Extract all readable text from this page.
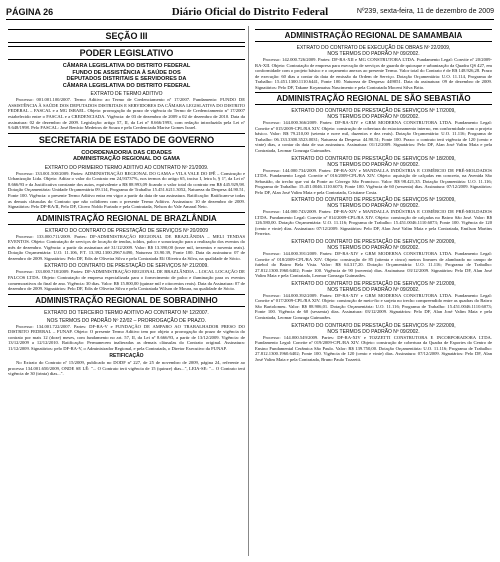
PÁGINA 26	Diário Oficial do Distrito Federal	Nº239, sexta-feira, 11 de dezembro de 2009
SEÇÃO III
PODER LEGISLATIVO
CÂMARA LEGISLATIVA DO DISTRITO FEDERAL
FUNDO DE ASSISTÊNCIA À SAÚDE DOS
DEPUTADOS DISTRITAIS E SERVIDORES DA
CÂMARA LEGISLATIVA DO DISTRITO FEDERAL
EXTRATO DE TERMO ADITIVO
Processo: 001.001.100/2007. Termo Aditivo ao Termo de Credenciamento nº 17/2007. Fundamento: FUNDO DE ASSISTÊNCIA À SAÚDE DOS DEPUTADOS DISTRITAIS E SERVIDORES DA CÂMARA LEGISLATIVA DO DISTRITO FEDERAL – FASCAL e a MG ISRAEL. Objeto: prorrogação do prazo de vigência do Termo de Credenciamento nº 17/2007 estabelecido entre o FASCAL e a CREDENCIADA. Vigência: de 03 de dezembro de 2009 a 02 de dezembro de 2010. Data da assinatura: 02 de dezembro de 2009. Legislação: artigo 57, II, da Lei nº 8.666/1993, com redação introduzida pela Lei nº 9.648/1998. Pelo FASCAL: José Benício Medeiros de Souza e pela Credenciada Marise Gomes Israel.
SECRETARIA DE ESTADO DE GOVERNO
COORDENADORIA DAS CIDADES
ADMINISTRAÇÃO REGIONAL DO GAMA
EXTRATO DO PRIMEIRO TERMO ADITIVO AO CONTRATO Nº 21/2009.
Processo: 133.001.500/2009. Partes: ADMINISTRAÇÃO REGIONAL DO GAMA e VILA VALE DO IPÊ – Construção e Urbanização Ltda. Objeto: Aditar o valor do Contrato em 24,93737%, nos termos do artigo 65, inciso I, letra b, § 1º, da Lei nº 8.666/93 e da Justificativa constante dos autos, equivalente a R$ 88.993,09 ficando o valor total do contrato em R$ 445.929,98. Dotação Orçamentária: Unidade Orçamentária 09.114, Programa de Trabalho 15.451.6211.3052, Natureza da Despesa 44.90.51, Fonte 100. Vigência: o presente Termo Aditivo entra em vigor a partir da data de sua assinatura. Ratificação: Ratificam-se todas as demais cláusulas do Contrato que não colidirem com o presente Termo Aditivo. Assinatura: 10 de dezembro de 2009. Signatários: Pelo DF-RA/II, Pelo DF, Cícero Noldo Furtado e pela Contratada, Nelson do Vale Amaral Neto.
ADMINISTRAÇÃO REGIONAL DE BRAZLÂNDIA
EXTRATO DO CONTRATO DE PRESTAÇÃO DE SERVIÇOS Nº 20/2009
Processo: 133.000.711/2009. Partes: DF-ADMINISTRAÇÃO REGIONAL DE BRAZLÂNDIA – MELI TENDAS EVENTOS. Objeto: Contratação de serviços de locação de tendas, toldos, palco e sonorização para a realização dos eventos do mês de dezembro. Vigência: a partir da assinatura até 31/12/2009. Valor: R$ 13.390,00 (treze mil, trezentos e noventa reais). Dotação Orçamentária: U.O. 11.106, P.T. 13.392.1300.2967.6490, Natureza 33.90.39, Fonte 100. Data da assinatura: 07 de dezembro de 2009. Signatários: Pelo DF, Edis de Oliveira Silva e pela Contratada Elí Oliveira da Silva, na qualidade de Sócio.
EXTRATO DO CONTRATO DE PRESTAÇÃO DE SERVIÇOS Nº 21/2009.
Processo: 133.000.718/2009. Partes: DF-ADMINISTRAÇÃO REGIONAL DE BRAZLÂNDIA – LOCAL LOCAÇÃO DE PALCOS LTDA. Objeto: Contratação de empresa especializada para o fornecimento de palco e iluminação para os eventos comemorativos do final de ano. Vigência: 30 dias. Valor: R$ 15.800,00 (quinze mil e oitocentos reais). Data da Assinatura: 07 de dezembro de 2009. Signatários: Pelo DF, Edis de Oliveira Silva e pela Contratada Wilson de Moura, na qualidade de Sócio.
ADMINISTRAÇÃO REGIONAL DE SOBRADINHO
EXTRATO DO TERCEIRO TERMO ADITIVO AO CONTRATO Nº 12/2007.
NOS TERMOS DO PADRÃO Nº 22/02 – PRORROGAÇÃO DE PRAZO.
Processo: 134.001.722/2007. Partes: DF-RA-V e FUNDAÇÃO DE AMPARO AO TRABALHADOR PRESO DO DISTRITO FEDERAL – FUNAP. Objeto: O presente Termo Aditivo tem por objeto a prorrogação do prazo de vigência do contrato por mais 12 (doze) meses, com fundamento no art. 57, II, da Lei nº 8.666/93, a partir de 13/12/2009. Vigência: de 13/12/2009 a 12/12/2010. Ratificação: Permanecem inalteradas as demais cláusulas do Contrato original. Assinatura: 11/12/2009. Signatários: pelo DF-RA-V, o Administrador Regional, e pela Contratada, o Diretor Executivo da FUNAP.
RETIFICAÇÃO
No Extrato do Contrato nº 15/2009, publicado no DODF nº 227, de 25 de novembro de 2009, página 24, referente ao processo 134.001.650/2009, ONDE SE LÊ: "... O Contrato terá vigência de 15 (quinze) dias...", LEIA-SE: "... O Contrato terá vigência de 30 (trinta) dias...".
ADMINISTRAÇÃO REGIONAL DE SAMAMBAIA
EXTRATO DO CONTRATO DE EXECUÇÃO DE OBRAS Nº 22/2009,
NOS TERMOS DO PADRÃO Nº 09/2002.
Processo: 142.000.726/2009. Partes: DF-RA-XII e MG CONSTRUTORA LTDA. Fundamento Legal: Convite nº 20/2009-RA-XII. Objeto: Contratação de empresa para execução de serviços de guarda de quiosque e urbanização da Quadra QS 427, em conformidade com o projeto básico e o orçamento anexos ao presente Termo. Valor total do Contrato é de R$ 148.926,28. Prazo de execução: 60 dias a contar da data de emissão da Ordem de Serviço. Dotação Orçamentária: U.O. 11.114, Programa de Trabalho: 15.451.1300.1110.6441, Fonte 100. Natureza de Despesa: 449051. Data da assinatura: 09 de dezembro de 2009. Signatários: Pelo DF, Takane Koyamatsu Nascimento e pela Contratada Moceni Silva Brito.
ADMINISTRAÇÃO REGIONAL DE SÃO SEBASTIÃO
EXTRATO DO CONTRATO DE PRESTAÇÃO DE SERVIÇOS Nº 17/2009,
NOS TERMOS DO PADRÃO Nº 09/2002.
Processo: 144.000.366/2009. Partes: DF-RA-XIV e GRM MODERNA CONSTRUTORA LTDA. Fundamento Legal: Convite nº 015/2009-CPL/RA XIV. Objeto: construção de cobertura do estacionamento interno, em conformidade com o projeto básico. Valor: R$ 79.210,00 (setenta e nove mil, duzentos e dez reais). Dotação Orçamentária: U.O. 11.116; Programa de Trabalho: 06.133.3300.3523.0031; Natureza da Despesa: 44.90.51; Fonte 100. Prazo: o contrato terá vigência de 120 (cento e vinte) dias, a contar da data de sua assinatura. Assinatura: 01/12/2009. Signatários: Pelo DF, Alan José Valim Maia e pela Contratada, Leomar Gonzaga Guimarães.
EXTRATO DO CONTRATO DE PRESTAÇÃO DE SERVIÇOS Nº 18/2009,
NOS TERMOS DO PADRÃO Nº 09/2002.
Processo: 144.000.734/2009. Partes: DF-RA-XIV e MANDALLA INDÚSTRIA E COMÉRCIO DE PRÉ-MOLDADOS LTDA. Fundamento Legal: Convite nº 016/2009-CPL/RA XIV. Objeto: aquisição de calçadas em concreto, na Avenida São Sebastião, do trecho que vai da Ponte ao Córrego São Francisco. Valor: R$ 98.421,35. Dotação Orçamentária: U.O. 11.116; Programa de Trabalho: 15.451.0046.1110.6073; Fonte 100. Vigência de 60 (sessenta) dias. Assinatura: 07/12/2009. Signatários: Pelo DF, Alan José Valim Maia e pela Contratada, Cristiane Costa.
EXTRATO DO CONTRATO DE PRESTAÇÃO DE SERVIÇOS Nº 19/2009,
NOS TERMOS DO PADRÃO Nº 09/2002.
Processo: 144.000.743/2009. Partes: DF-RA-XIV e MANDALLA INDÚSTRIA E COMÉRCIO DE PRÉ-MOLDADOS LTDA. Fundamento Legal: Convite nº 014/2009-CPL/RA XIV. Objeto: construção de calçadas no Bairro São José. Valor: R$ 126.580,00. Dotação Orçamentária: U.O. 11.116; Programa de Trabalho: 15.451.0046.1110.6073; Fonte 100. Vigência de 120 (cento e vinte) dias. Assinatura: 07/12/2009. Signatários: Pelo DF, Alan José Valim Maia e pela Contratada, Emilson Martins Ferreira.
EXTRATO DO CONTRATO DE PRESTAÇÃO DE SERVIÇOS Nº 20/2009,
NOS TERMOS DO PADRÃO Nº 09/2002.
Processo: 144.000.391/2009. Partes: DF-RA-XIV e GRM MODERNA CONSTRUTORA LTDA. Fundamento Legal: Convite nº 018/2009-CPL/RA XIV. Objeto: construção de 85 (oitenta e cinco) metros lineares de alambrado no campo de futebol do Bairro Bela Vista. Valor: R$ 64.317,20. Dotação Orçamentária: U.O. 11.116; Programa de Trabalho: 27.812.1300.1960.6402; Fonte 100. Vigência de 90 (noventa) dias. Assinatura: 03/12/2009. Signatários: Pelo DF, Alan José Valim Maia e pela Contratada, Leomar Gonzaga Guimarães.
EXTRATO DO CONTRATO DE PRESTAÇÃO DE SERVIÇOS Nº 21/2009,
NOS TERMOS DO PADRÃO Nº 09/2002.
Processo: 144.000.392/2009. Partes: DF-RA-XIV e GRM MODERNA CONSTRUTORA LTDA. Fundamento Legal: Convite nº 017/2009-CPL/RA XIV. Objeto: construção de meio-fio e sarjeta no trecho compreendido entre as quadras do Bairro São Bartolomeu. Valor: R$ 88.906,01. Dotação Orçamentária: U.O. 11.116; Programa de Trabalho: 15.451.0046.1110.6073; Fonte 100. Vigência de 60 (sessenta) dias. Assinatura: 03/12/2009. Signatários: Pelo DF, Alan José Valim Maia e pela Contratada, Leomar Gonzaga Guimarães.
EXTRATO DO CONTRATO DE PRESTAÇÃO DE SERVIÇOS Nº 22/2009,
NOS TERMOS DO PADRÃO Nº 09/2002.
Processo: 144.000.549/2009. Partes: DF-RA-XIV e TOZZETTI CONSTRUTORA E INCORPORADORA LTDA. Fundamento Legal: Convite nº 019/2009-CPL/RA XIV. Objeto: construção de cobertura da Quadra de Esportes do Centro de Ensino Fundamental Cerâmica São Paulo. Valor: R$ 139.750,00. Dotação Orçamentária: U.O. 11.116; Programa de Trabalho: 27.812.1300.1960.6402; Fonte 100. Vigência de 120 (cento e vinte) dias. Assinatura: 07/12/2009. Signatários: Pelo DF, Alan José Valim Maia e pela Contratada, Bruno Paulo Tozzetti.
